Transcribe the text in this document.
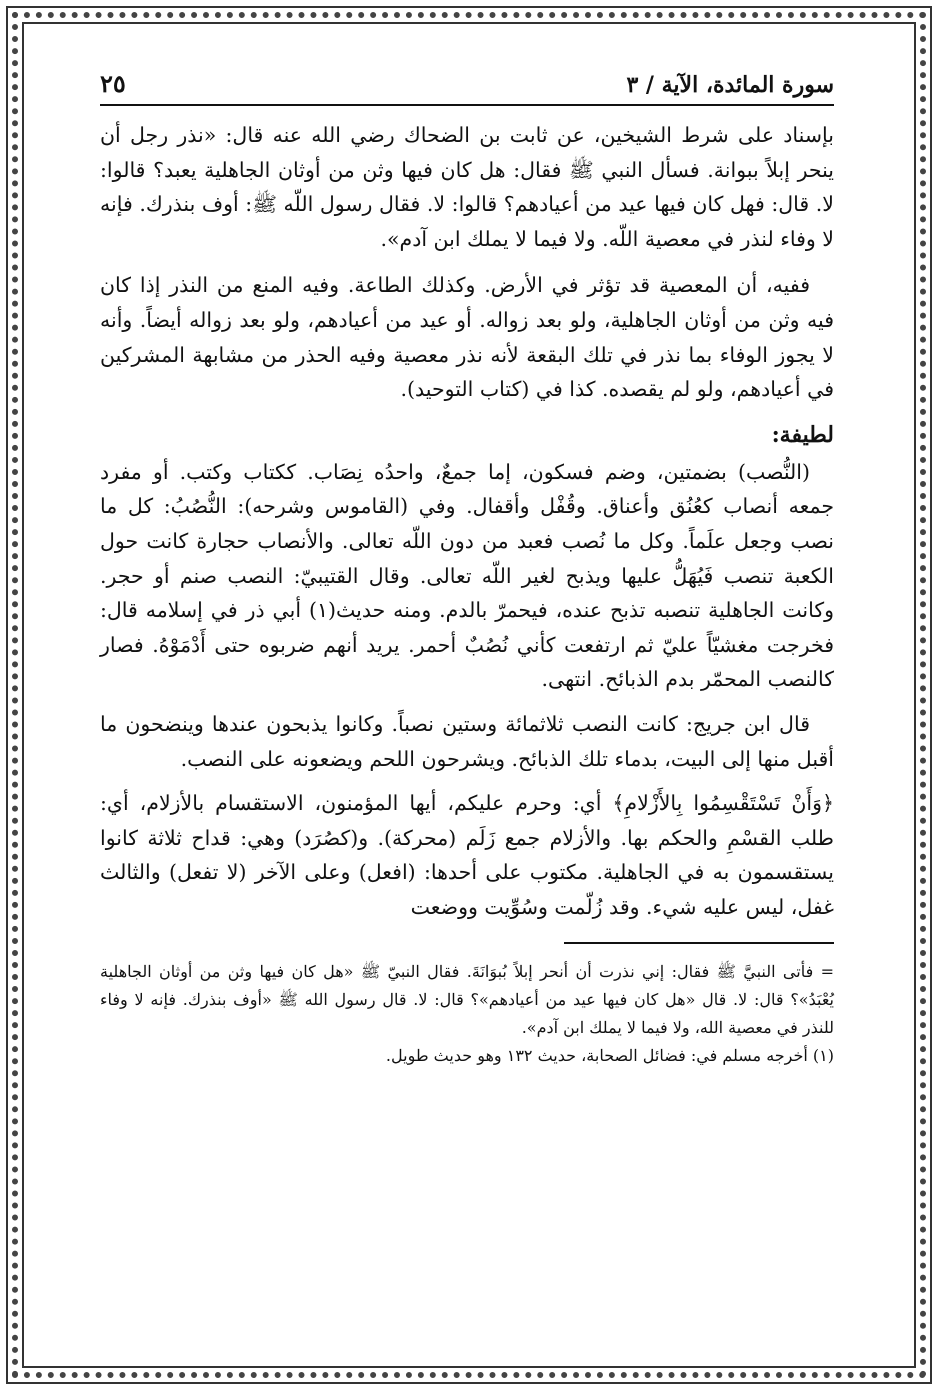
سورة المائدة، الآية / ٣
٢٥

بإسناد على شرط الشيخين، عن ثابت بن الضحاك رضي الله عنه قال: «نذر رجل أن ينحر إبلاً ببوانة. فسأل النبي ﷺ فقال: هل كان فيها وثن من أوثان الجاهلية يعبد؟ قالوا: لا. قال: فهل كان فيها عيد من أعيادهم؟ قالوا: لا. فقال رسول اللّه ﷺ: أوف بنذرك. فإنه لا وفاء لنذر في معصية اللّه. ولا فيما لا يملك ابن آدم».

ففيه، أن المعصية قد تؤثر في الأرض. وكذلك الطاعة. وفيه المنع من النذر إذا كان فيه وثن من أوثان الجاهلية، ولو بعد زواله. أو عيد من أعيادهم، ولو بعد زواله أيضاً. وأنه لا يجوز الوفاء بما نذر في تلك البقعة لأنه نذر معصية وفيه الحذر من مشابهة المشركين في أعيادهم، ولو لم يقصده. كذا في (كتاب التوحيد).

لطيفة:

(النُّصب) بضمتين، وضم فسكون، إما جمعٌ، واحدُه نِصَاب. ككتاب وكتب. أو مفرد جمعه أنصاب كعُنُق وأعناق. وقُفْل وأقفال. وفي (القاموس وشرحه): النُّصُبُ: كل ما نصب وجعل علَماً. وكل ما نُصب فعبد من دون اللّه تعالى. والأنصاب حجارة كانت حول الكعبة تنصب فَيُهَلُّ عليها ويذبح لغير اللّه تعالى. وقال القتيبيّ: النصب صنم أو حجر. وكانت الجاهلية تنصبه تذبح عنده، فيحمرّ بالدم. ومنه حديث(١) أبي ذر في إسلامه قال: فخرجت مغشيّاً عليّ ثم ارتفعت كأني نُصُبٌ أحمر. يريد أنهم ضربوه حتى أَدْمَوْهُ. فصار كالنصب المحمّر بدم الذبائح. انتهى.

قال ابن جريج: كانت النصب ثلاثمائة وستين نصباً. وكانوا يذبحون عندها وينضحون ما أقبل منها إلى البيت، بدماء تلك الذبائح. ويشرحون اللحم ويضعونه على النصب.

﴿وَأَنْ تَسْتَقْسِمُوا بِالأَزْلامِ﴾ أي: وحرم عليكم، أيها المؤمنون، الاستقسام بالأزلام، أي: طلب القسْمِ والحكم بها. والأزلام جمع زَلَم (محركة). و(كصُرَد) وهي: قداح ثلاثة كانوا يستقسمون به في الجاهلية. مكتوب على أحدها: (افعل) وعلى الآخر (لا تفعل) والثالث غفل، ليس عليه شيء. وقد زُلّمت وسُوِّيت ووضعت

= فأتى النبيَّ ﷺ فقال: إني نذرت أن أنحر إبلاً بُبوَانَةَ. فقال النبيّ ﷺ «هل كان فيها وثن من أوثان الجاهلية يُعْبَدُ»؟ قال: لا. قال «هل كان فيها عيد من أعيادهم»؟ قال: لا. قال رسول الله ﷺ «أوف بنذرك. فإنه لا وفاء للنذر في معصية الله، ولا فيما لا يملك ابن آدم».

(١) أخرجه مسلم في: فضائل الصحابة، حديث ١٣٢ وهو حديث طويل.
